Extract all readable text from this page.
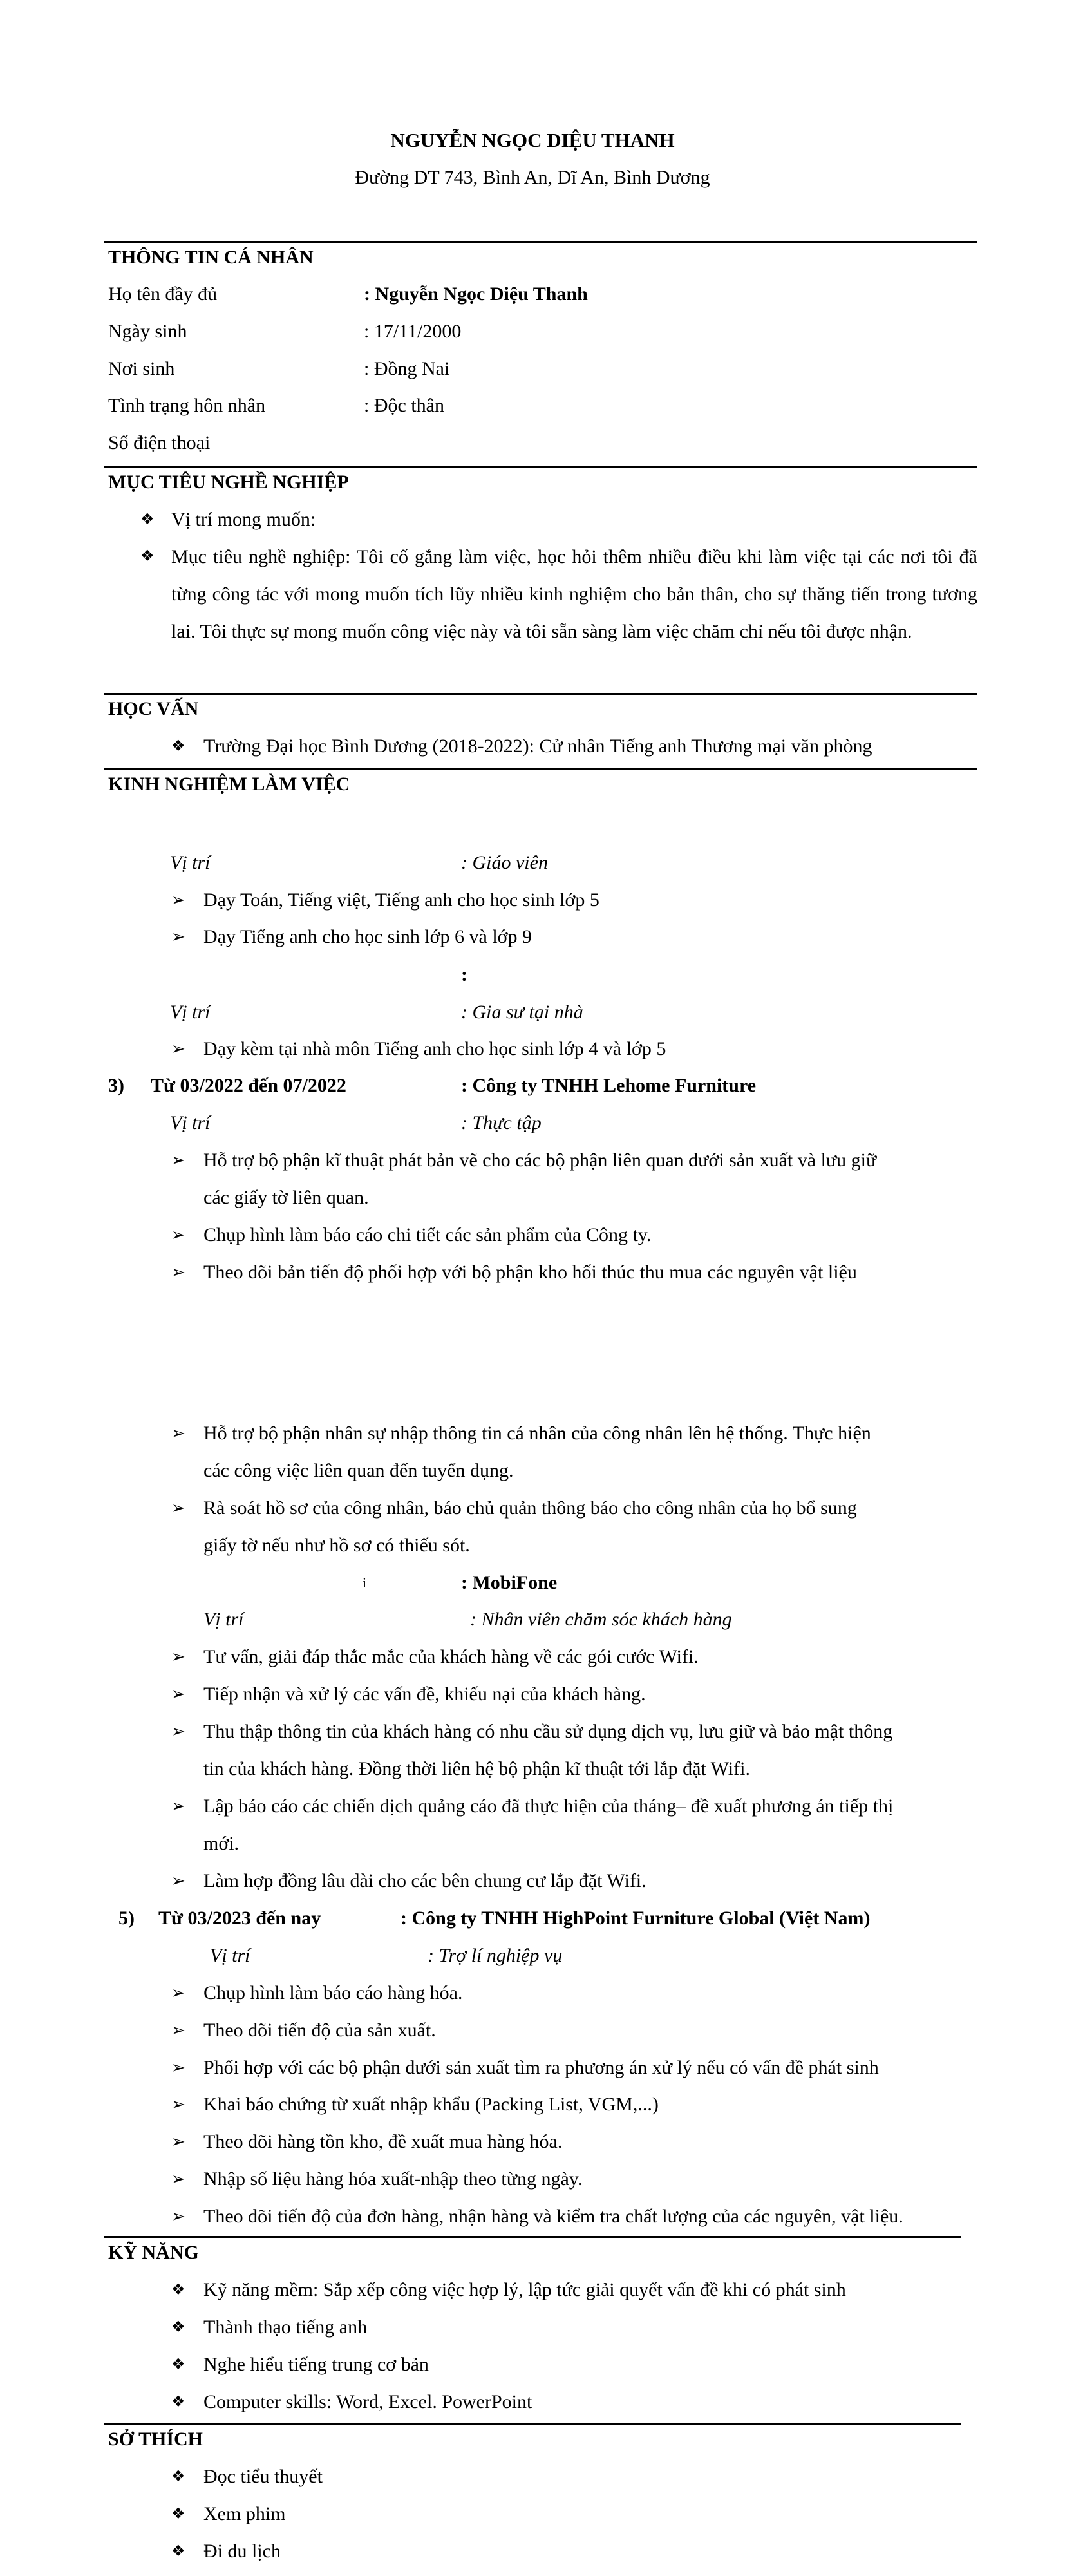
NGUYỄN NGỌC DIỆU THANH
Đường DT 743, Bình An, Dĩ An, Bình Dương
THÔNG TIN CÁ NHÂN
Họ tên đầy đủ	: Nguyễn Ngọc Diệu Thanh
Ngày sinh	: 17/11/2000
Nơi sinh	: Đồng Nai
Tình trạng hôn nhân	: Độc thân
Số điện thoại
MỤC TIÊU NGHỀ NGHIỆP
❖ Vị trí mong muốn:
❖ Mục tiêu nghề nghiệp: Tôi cố gắng làm việc, học hỏi thêm nhiều điều khi làm việc tại các nơi tôi đã từng công tác với mong muốn tích lũy nhiều kinh nghiệm cho bản thân, cho sự thăng tiến trong tương lai. Tôi thực sự mong muốn công việc này và tôi sẵn sàng làm việc chăm chỉ nếu tôi được nhận.
HỌC VẤN
❖ Trường Đại học Bình Dương (2018-2022): Cử nhân Tiếng anh Thương mại văn phòng
KINH NGHIỆM LÀM VIỆC
Vị trí	: Giáo viên
➢ Dạy Toán, Tiếng việt, Tiếng anh cho học sinh lớp 5
➢ Dạy Tiếng anh cho học sinh lớp 6 và lớp 9
:
Vị trí	: Gia sư tại nhà
➢ Dạy kèm tại nhà môn Tiếng anh cho học sinh lớp 4 và lớp 5
3) Từ 03/2022 đến 07/2022	: Công ty TNHH Lehome Furniture
Vị trí	: Thực tập
➢ Hỗ trợ bộ phận kĩ thuật phát bản vẽ cho các bộ phận liên quan dưới sản xuất và lưu giữ
các giấy tờ liên quan.
➢ Chụp hình làm báo cáo chi tiết các sản phẩm của Công ty.
➢ Theo dõi bản tiến độ phối hợp với bộ phận kho hối thúc thu mua các nguyên vật liệu
➢ Hỗ trợ bộ phận nhân sự nhập thông tin cá nhân của công nhân lên hệ thống. Thực hiện
các công việc liên quan đến tuyển dụng.
➢ Rà soát hồ sơ của công nhân, báo chủ quản thông báo cho công nhân của họ bổ sung
giấy tờ nếu như hồ sơ có thiếu sót.
i	: MobiFone
Vị trí	: Nhân viên chăm sóc khách hàng
➢ Tư vấn, giải đáp thắc mắc của khách hàng về các gói cước Wifi.
➢ Tiếp nhận và xử lý các vấn đề, khiếu nại của khách hàng.
➢ Thu thập thông tin của khách hàng có nhu cầu sử dụng dịch vụ, lưu giữ và bảo mật thông
tin của khách hàng. Đồng thời liên hệ bộ phận kĩ thuật tới lắp đặt Wifi.
➢ Lập báo cáo các chiến dịch quảng cáo đã thực hiện của tháng– đề xuất phương án tiếp thị
mới.
➢ Làm hợp đồng lâu dài cho các bên chung cư lắp đặt Wifi.
5) Từ 03/2023 đến nay	: Công ty TNHH HighPoint Furniture Global (Việt Nam)
Vị trí	: Trợ lí nghiệp vụ
➢ Chụp hình làm báo cáo hàng hóa.
➢ Theo dõi tiến độ của sản xuất.
➢ Phối hợp với các bộ phận dưới sản xuất tìm ra phương án xử lý nếu có vấn đề phát sinh
➢ Khai báo chứng từ xuất nhập khẩu (Packing List, VGM,...)
➢ Theo dõi hàng tồn kho, đề xuất mua hàng hóa.
➢ Nhập số liệu hàng hóa xuất-nhập theo từng ngày.
➢ Theo dõi tiến độ của đơn hàng, nhận hàng và kiểm tra chất lượng của các nguyên, vật liệu.
KỸ NĂNG
❖ Kỹ năng mềm: Sắp xếp công việc hợp lý, lập tức giải quyết vấn đề khi có phát sinh
❖ Thành thạo tiếng anh
❖ Nghe hiểu tiếng trung cơ bản
❖ Computer skills: Word, Excel. PowerPoint
SỞ THÍCH
❖ Đọc tiểu thuyết
❖ Xem phim
❖ Đi du lịch
